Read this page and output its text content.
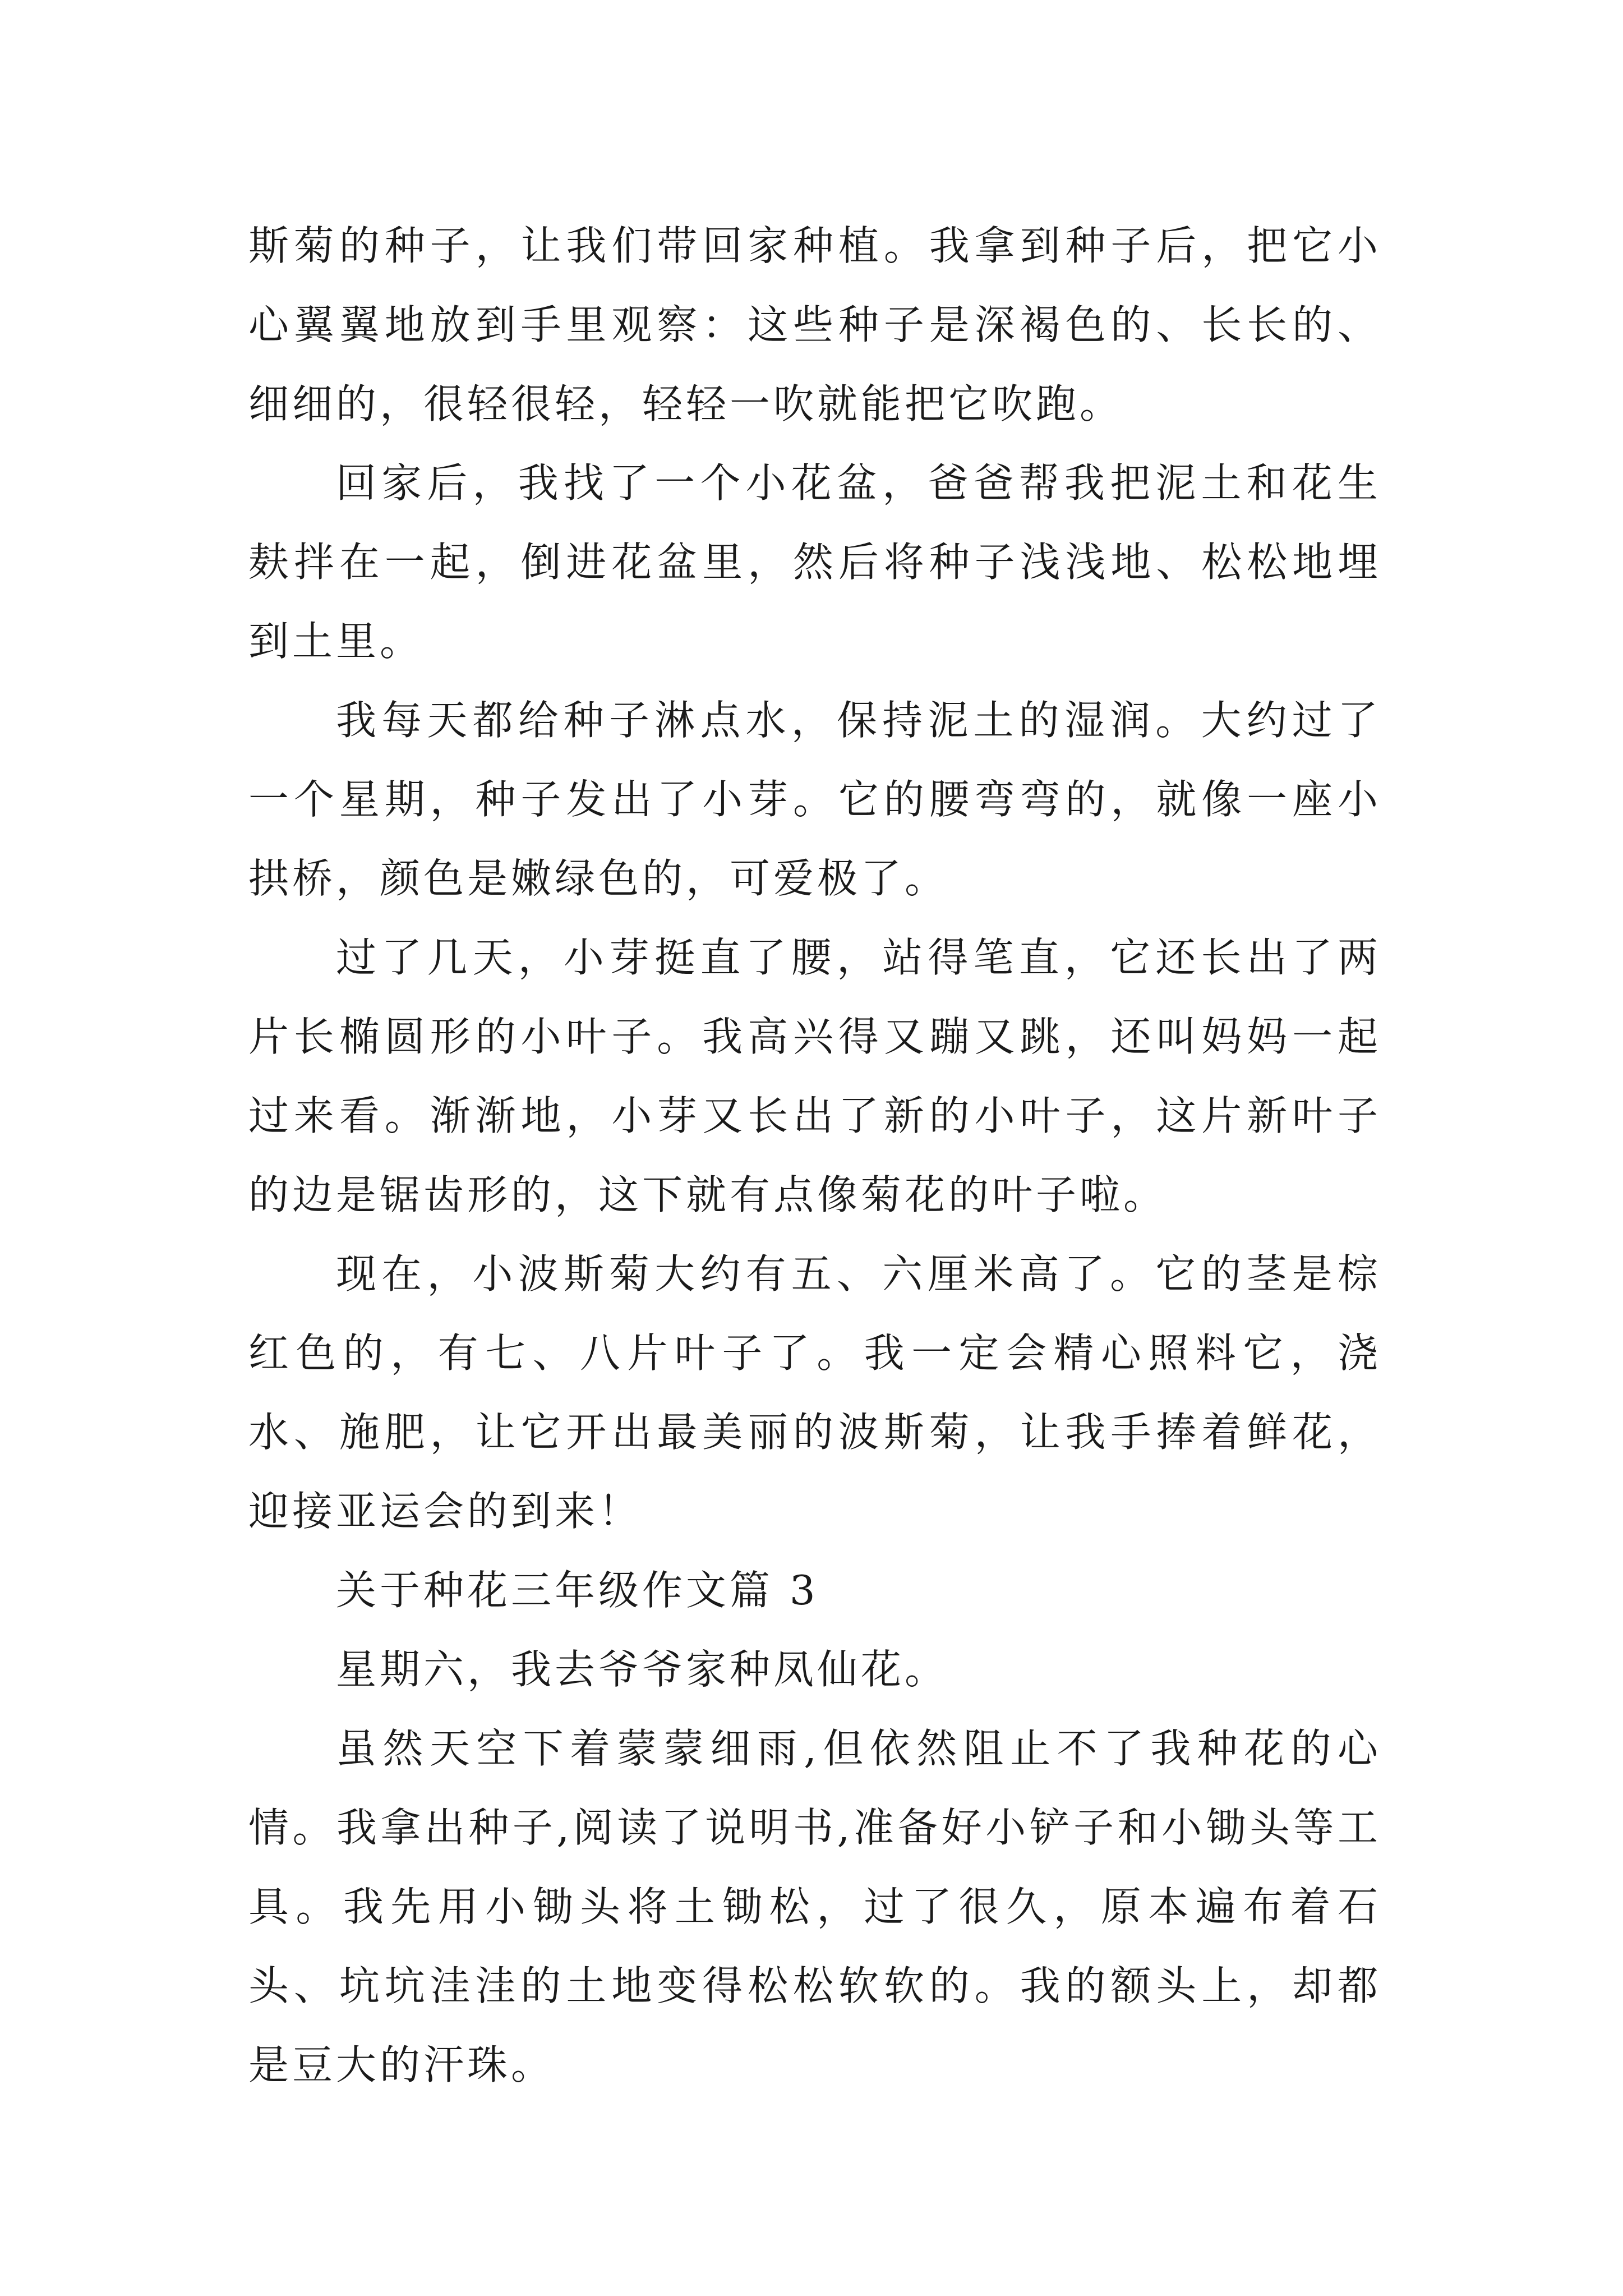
斯菊的种子，让我们带回家种植。我拿到种子后，把它小心翼翼地放到手里观察：这些种子是深褐色的、长长的、细细的，很轻很轻，轻轻一吹就能把它吹跑。

回家后，我找了一个小花盆，爸爸帮我把泥土和花生麸拌在一起，倒进花盆里，然后将种子浅浅地、松松地埋到土里。

我每天都给种子淋点水，保持泥土的湿润。大约过了一个星期，种子发出了小芽。它的腰弯弯的，就像一座小拱桥，颜色是嫩绿色的，可爱极了。

过了几天，小芽挺直了腰，站得笔直，它还长出了两片长椭圆形的小叶子。我高兴得又蹦又跳，还叫妈妈一起过来看。渐渐地，小芽又长出了新的小叶子，这片新叶子的边是锯齿形的，这下就有点像菊花的叶子啦。

现在，小波斯菊大约有五、六厘米高了。它的茎是棕红色的，有七、八片叶子了。我一定会精心照料它，浇水、施肥，让它开出最美丽的波斯菊，让我手捧着鲜花，迎接亚运会的到来！

关于种花三年级作文篇 3

星期六，我去爷爷家种凤仙花。

虽然天空下着蒙蒙细雨,但依然阻止不了我种花的心情。我拿出种子,阅读了说明书,准备好小铲子和小锄头等工具。我先用小锄头将土锄松，过了很久，原本遍布着石头、坑坑洼洼的土地变得松松软软的。我的额头上，却都是豆大的汗珠。
